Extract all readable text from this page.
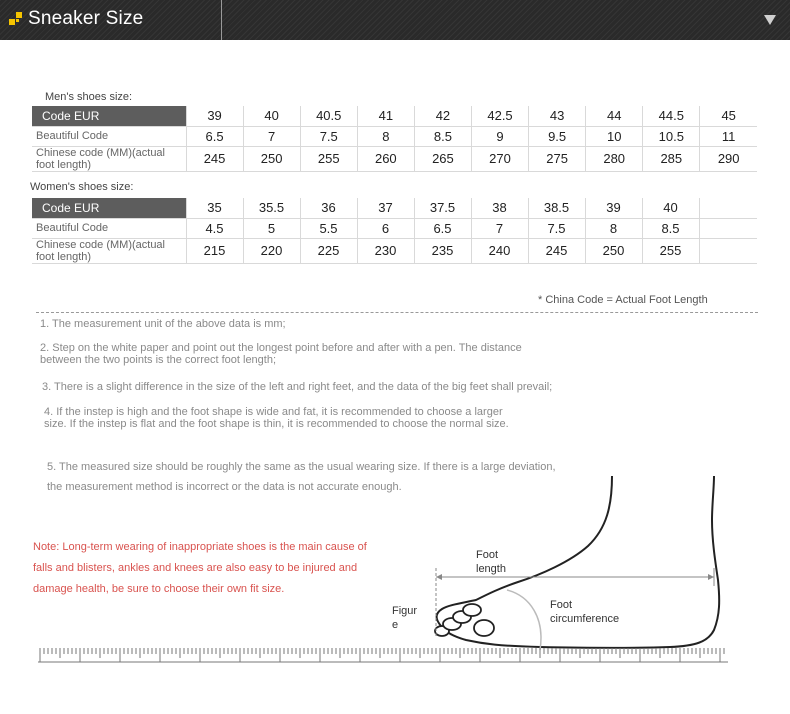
Sneaker Size
Men's shoes size:
Code EUR	39	40	40.5	41	42	42.5	43	44	44.5	45
Beautiful Code	6.5	7	7.5	8	8.5	9	9.5	10	10.5	11
Chinese code (MM)(actual foot length)	245	250	255	260	265	270	275	280	285	290
Women's shoes size:
Code EUR	35	35.5	36	37	37.5	38	38.5	39	40	
Beautiful Code	4.5	5	5.5	6	6.5	7	7.5	8	8.5	
Chinese code (MM)(actual foot length)	215	220	225	230	235	240	245	250	255	
* China Code = Actual Foot Length
1. The measurement unit of the above data is mm;
2. Step on the white paper and point out the longest point before and after with a pen. The distance between the two points is the correct foot length;
3. There is a slight difference in the size of the left and right feet, and the data of the big feet shall prevail;
4. If the instep is high and the foot shape is wide and fat, it is recommended to choose a larger size. If the instep is flat and the foot shape is thin, it is recommended to choose the normal size.
5. The measured size should be roughly the same as the usual wearing size. If there is a large deviation, the measurement method is incorrect or the data is not accurate enough.
Note: Long-term wearing of inappropriate shoes is the main cause of falls and blisters, ankles and knees are also easy to be injured and damage health, be sure to choose their own fit size.
Foot length
Figure
Foot circumference
